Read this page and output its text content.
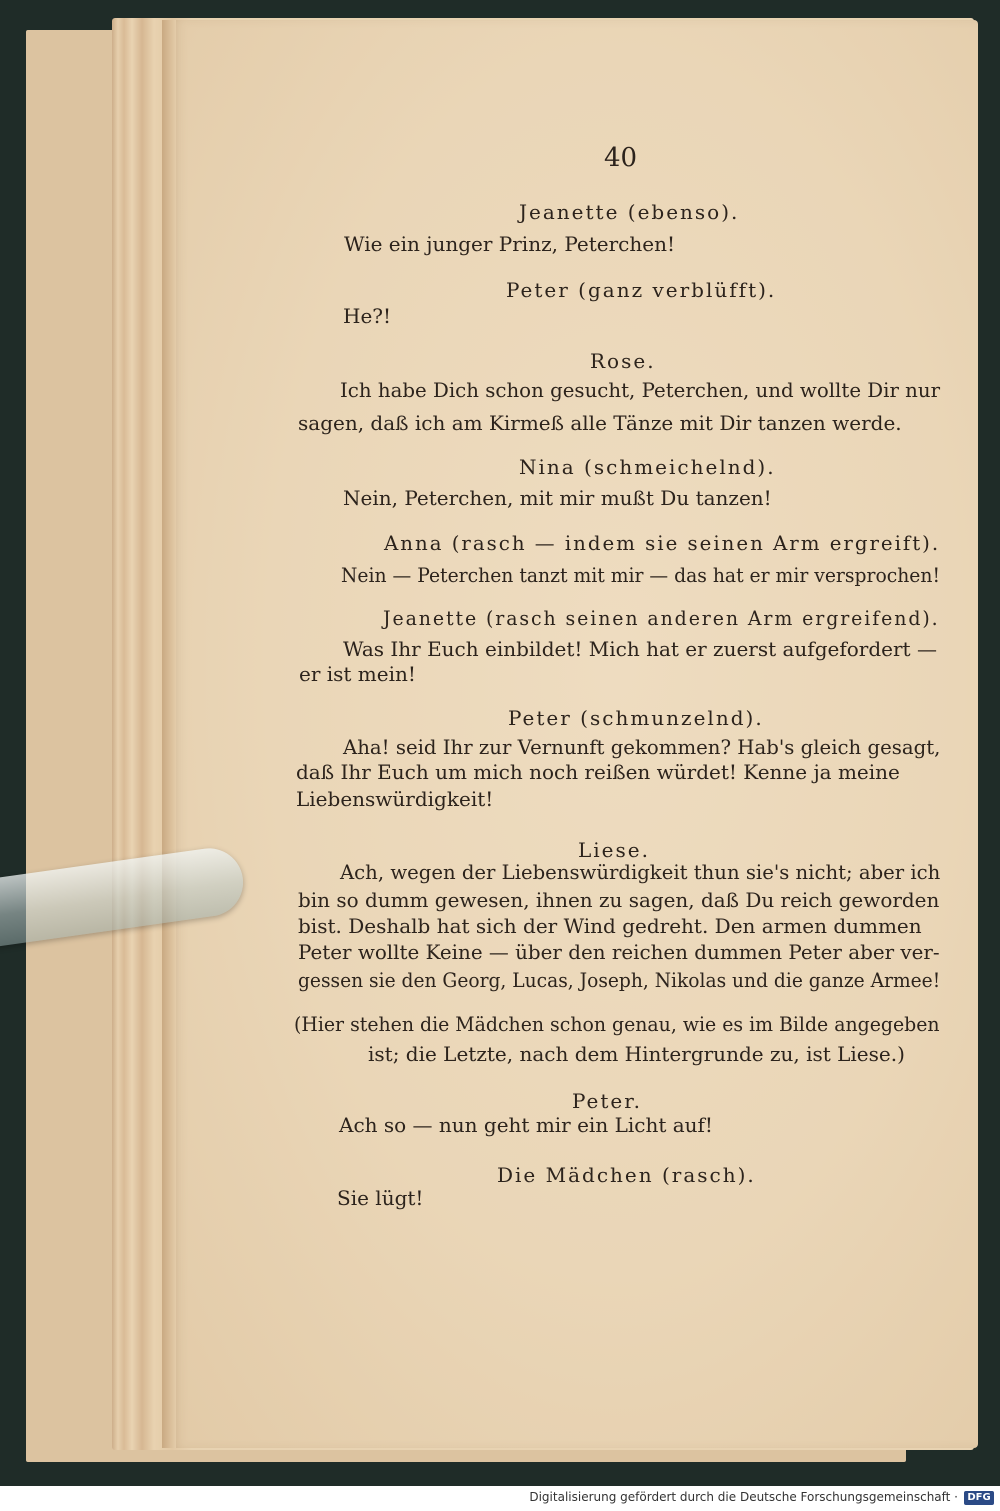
40

Jeanette (ebenso).

Wie ein junger Prinz, Peterchen!

Peter (ganz verblüfft).

He?!

Rose.

Ich habe Dich schon gesucht, Peterchen, und wollte Dir nur

sagen, daß ich am Kirmeß alle Tänze mit Dir tanzen werde.

Nina (schmeichelnd).

Nein, Peterchen, mit mir mußt Du tanzen!

Anna (rasch — indem sie seinen Arm ergreift).

Nein — Peterchen tanzt mit mir — das hat er mir versprochen!

Jeanette (rasch seinen anderen Arm ergreifend).

Was Ihr Euch einbildet! Mich hat er zuerst aufgefordert —

er ist mein!

Peter (schmunzelnd).

Aha! seid Ihr zur Vernunft gekommen? Hab's gleich gesagt,

daß Ihr Euch um mich noch reißen würdet! Kenne ja meine

Liebenswürdigkeit!

Liese.

Ach, wegen der Liebenswürdigkeit thun sie's nicht; aber ich

bin so dumm gewesen, ihnen zu sagen, daß Du reich geworden

bist. Deshalb hat sich der Wind gedreht. Den armen dummen

Peter wollte Keine — über den reichen dummen Peter aber ver-

gessen sie den Georg, Lucas, Joseph, Nikolas und die ganze Armee!

(Hier stehen die Mädchen schon genau, wie es im Bilde angegeben

ist; die Letzte, nach dem Hintergrunde zu, ist Liese.)

Peter.

Ach so — nun geht mir ein Licht auf!

Die Mädchen (rasch).

Sie lügt!

Digitalisierung gefördert durch die Deutsche Forschungsgemeinschaft · DFG
